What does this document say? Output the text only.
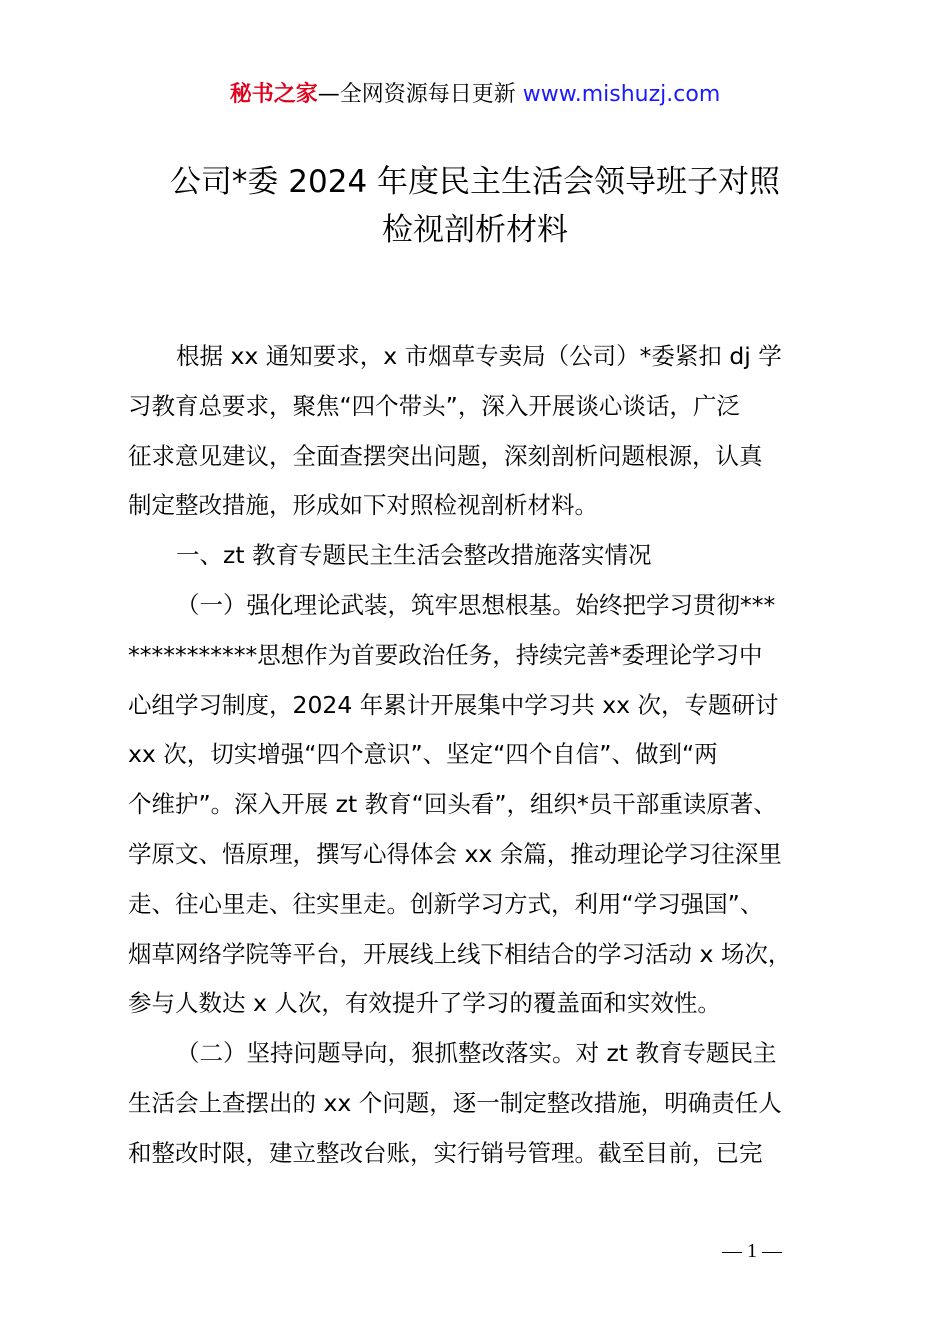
秘书之家—全网资源每日更新 www.mishuzj.com
公司*委 2024 年度民主生活会领导班子对照
检视剖析材料
根据 xx 通知要求，x 市烟草专卖局（公司）*委紧扣 dj 学
习教育总要求，聚焦“四个带头”，深入开展谈心谈话，广泛
征求意见建议，全面查摆突出问题，深刻剖析问题根源，认真
制定整改措施，形成如下对照检视剖析材料。
一、zt 教育专题民主生活会整改措施落实情况
（一）强化理论武装，筑牢思想根基。始终把学习贯彻***
***********思想作为首要政治任务，持续完善*委理论学习中
心组学习制度，2024 年累计开展集中学习共 xx 次，专题研讨
xx 次，切实增强“四个意识”、坚定“四个自信”、做到“两
个维护”。深入开展 zt 教育“回头看”，组织*员干部重读原著、
学原文、悟原理，撰写心得体会 xx 余篇，推动理论学习往深里
走、往心里走、往实里走。创新学习方式，利用“学习强国”、
烟草网络学院等平台，开展线上线下相结合的学习活动 x 场次，
参与人数达 x 人次，有效提升了学习的覆盖面和实效性。
（二）坚持问题导向，狠抓整改落实。对 zt 教育专题民主
生活会上查摆出的 xx 个问题，逐一制定整改措施，明确责任人
和整改时限，建立整改台账，实行销号管理。截至目前，已完
— 1 —
